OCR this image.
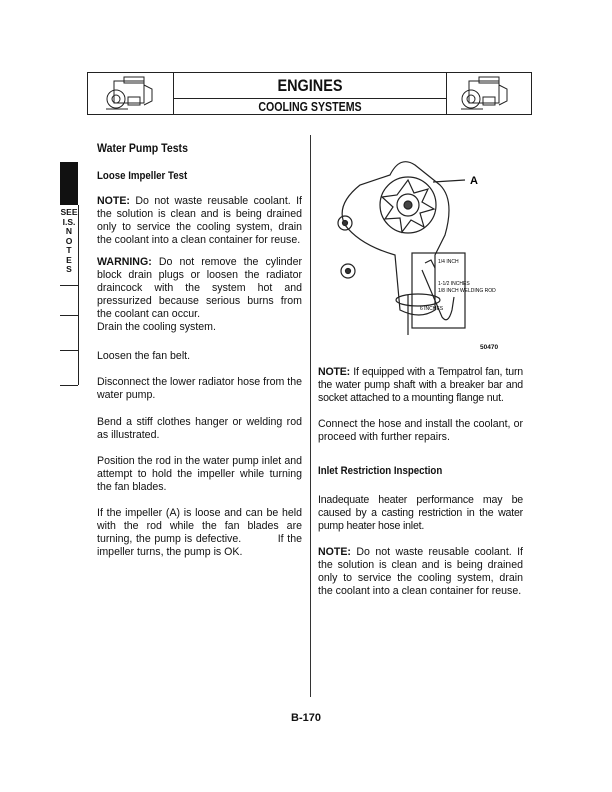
ENGINES
COOLING SYSTEMS
SEE
I.S.
N
O
T
E
S
Water Pump Tests
Loose Impeller Test
NOTE: Do not waste reusable coolant. If the solution is clean and is being drained only to service the cooling system, drain the coolant into a clean container for reuse.
WARNING: Do not remove the cylinder block drain plugs or loosen the radiator draincock with the system hot and pressurized because serious burns from the coolant can occur.
Drain the cooling system.
Loosen the fan belt.
Disconnect the lower radiator hose from the water pump.
Bend a stiff clothes hanger or welding rod as illustrated.
Position the rod in the water pump inlet and attempt to hold the impeller while turning the fan blades.
If the impeller (A) is loose and can be held with the rod while the fan blades are turning, the pump is defective.          If the impeller turns, the pump is OK.
A
1/4 INCH
1-1/2 INCHES
1/8 INCH WELDING ROD
6 INCHES
50470
NOTE: If equipped with a Tempatrol fan, turn the water pump shaft with a breaker bar and socket attached to a mounting flange nut.
Connect the hose and install the coolant, or proceed with further repairs.
Inlet Restriction Inspection
Inadequate heater performance may be caused by a casting restriction in the water pump heater hose inlet.
NOTE: Do not waste reusable coolant. If the solution is clean and is being drained only to service the cooling system, drain the coolant into a clean container for reuse.
B-170
